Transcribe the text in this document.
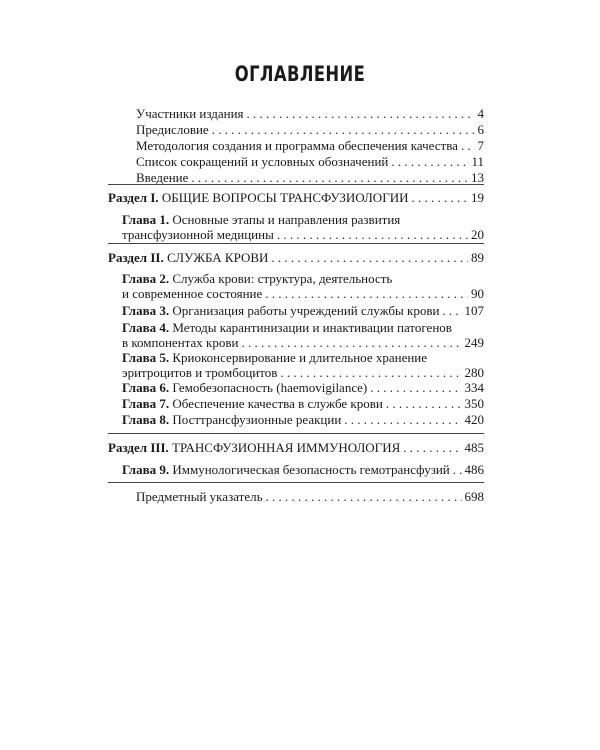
ОГЛАВЛЕНИЕ
Участники издания . . .	4
Предисловие . . .	6
Методология создания и программа обеспечения качества . . . 7
Список сокращений и условных обозначений . . .	11
Введение . . .	13
Раздел I. ОБЩИЕ ВОПРОСЫ ТРАНСФУЗИОЛОГИИ . . .	19
Глава 1. Основные этапы и направления развития
трансфузионной медицины . . .	20
Раздел II. СЛУЖБА КРОВИ . . .	89
Глава 2. Служба крови: структура, деятельность
и современное состояние . . .	90
Глава 3. Организация работы учреждений службы крови . . . 107
Глава 4. Методы карантинизации и инактивации патогенов
в компонентах крови . . .	249
Глава 5. Криоконсервирование и длительное хранение
эритроцитов и тромбоцитов . . .	280
Глава 6. Гемобезопасность (haemovigilance) . . .	334
Глава 7. Обеспечение качества в службе крови . . .	350
Глава 8. Посттрансфузионные реакции . . .	420
Раздел III. ТРАНСФУЗИОННАЯ ИММУНОЛОГИЯ . . .	485
Глава 9. Иммунологическая безопасность гемотрансфузий . . . 486
Предметный указатель . . .	698
